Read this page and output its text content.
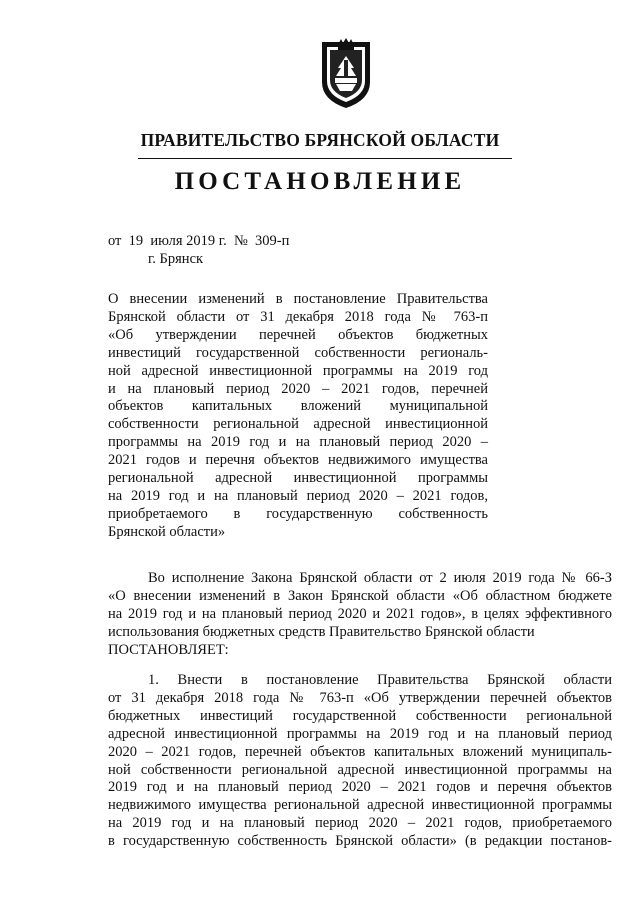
ПРАВИТЕЛЬСТВО БРЯНСКОЙ ОБЛАСТИ
ПОСТАНОВЛЕНИЕ
от  19  июля 2019 г.  №  309-п
г. Брянск
О внесении изменений в постановление Правительства
Брянской области от 31 декабря 2018 года № 763-п
«Об утверждении перечней объектов бюджетных
инвестиций государственной собственности региональ-
ной адресной инвестиционной программы на 2019 год
и на плановый период 2020 – 2021 годов, перечней
объектов капитальных вложений муниципальной
собственности региональной адресной инвестиционной
программы на 2019 год и на плановый период 2020 –
2021 годов и перечня объектов недвижимого имущества
региональной адресной инвестиционной программы
на 2019 год и на плановый период 2020 – 2021 годов,
приобретаемого в государственную собственность
Брянской области»
Во исполнение Закона Брянской области от 2 июля 2019 года № 66-З
«О внесении изменений в Закон Брянской области «Об областном бюджете
на 2019 год и на плановый период 2020 и 2021 годов», в целях эффективного
использования бюджетных средств Правительство Брянской области
ПОСТАНОВЛЯЕТ:
1. Внести в постановление Правительства Брянской области
от 31 декабря 2018 года № 763-п «Об утверждении перечней объектов
бюджетных инвестиций государственной собственности региональной
адресной инвестиционной программы на 2019 год и на плановый период
2020 – 2021 годов, перечней объектов капитальных вложений муниципаль-
ной собственности региональной адресной инвестиционной программы на
2019 год и на плановый период 2020 – 2021 годов и перечня объектов
недвижимого имущества региональной адресной инвестиционной программы
на 2019 год и на плановый период 2020 – 2021 годов, приобретаемого
в государственную собственность Брянской области» (в редакции постанов-
